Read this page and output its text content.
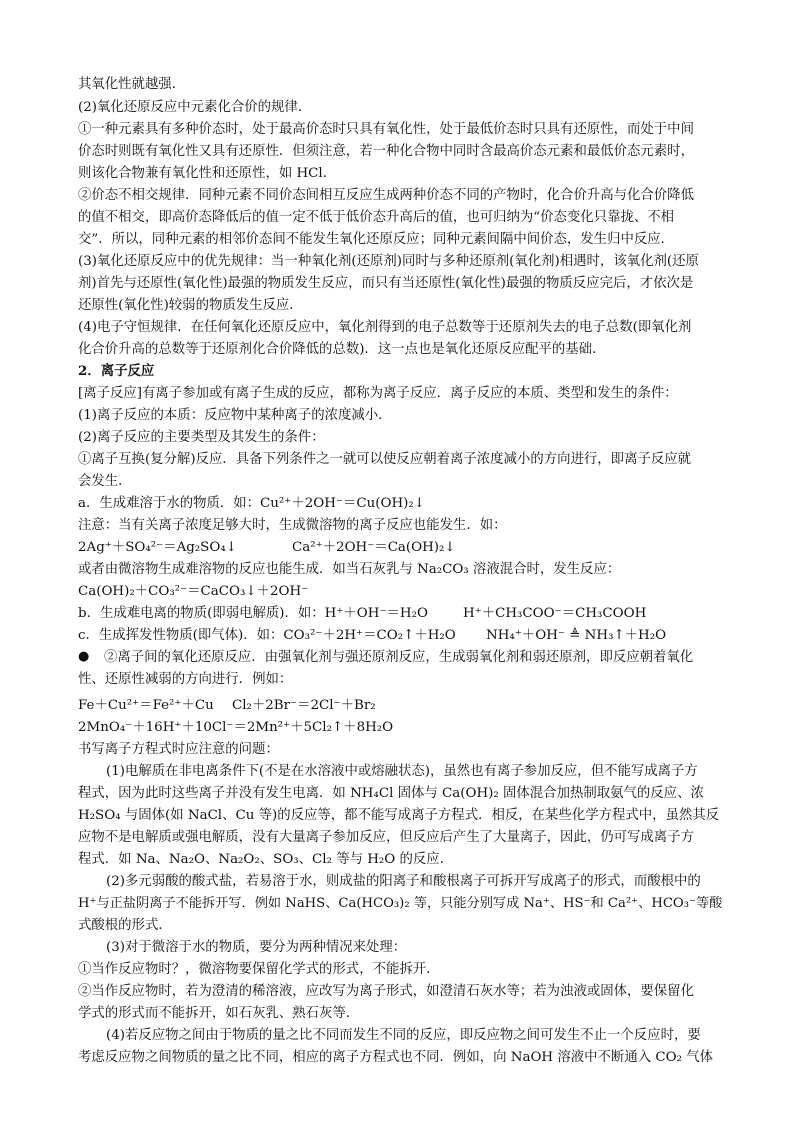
其氧化性就越强．
(2)氧化还原反应中元素化合价的规律．
①一种元素具有多种价态时，处于最高价态时只具有氧化性，处于最低价态时只具有还原性，而处于中间
价态时则既有氧化性又具有还原性．但须注意，若一种化合物中同时含最高价态元素和最低价态元素时，
则该化合物兼有氧化性和还原性，如 HCl．
②价态不相交规律．同种元素不同价态间相互反应生成两种价态不同的产物时，化合价升高与化合价降低
的值不相交，即高价态降低后的值一定不低于低价态升高后的值，也可归纳为“价态变化只靠拢、不相
交”．所以，同种元素的相邻价态间不能发生氧化还原反应；同种元素间隔中间价态，发生归中反应．
(3)氧化还原反应中的优先规律：当一种氧化剂(还原剂)同时与多种还原剂(氧化剂)相遇时，该氧化剂(还原
剂)首先与还原性(氧化性)最强的物质发生反应，而只有当还原性(氧化性)最强的物质反应完后，才依次是
还原性(氧化性)较弱的物质发生反应．
(4)电子守恒规律．在任何氧化还原反应中，氧化剂得到的电子总数等于还原剂失去的电子总数(即氧化剂
化合价升高的总数等于还原剂化合价降低的总数)．这一点也是氧化还原反应配平的基础．
2．离子反应
[离子反应]有离子参加或有离子生成的反应，都称为离子反应．离子反应的本质、类型和发生的条件：
(1)离子反应的本质：反应物中某种离子的浓度减小．
(2)离子反应的主要类型及其发生的条件：
①离子互换(复分解)反应．具备下列条件之一就可以使反应朝着离子浓度减小的方向进行，即离子反应就
会发生．
a．生成难溶于水的物质．如：Cu²⁺＋2OH⁻＝Cu(OH)₂↓
注意：当有关离子浓度足够大时，生成微溶物的离子反应也能发生．如：
2Ag⁺＋SO₄²⁻＝Ag₂SO₄↓	Ca²⁺＋2OH⁻＝Ca(OH)₂↓
或者由微溶物生成难溶物的反应也能生成．如当石灰乳与 Na₂CO₃ 溶液混合时，发生反应：
Ca(OH)₂＋CO₃²⁻＝CaCO₃↓＋2OH⁻
b．生成难电离的物质(即弱电解质)．如：H⁺＋OH⁻＝H₂O	H⁺＋CH₃COO⁻＝CH₃COOH
c．生成挥发性物质(即气体)．如：CO₃²⁻＋2H⁺＝CO₂↑＋H₂O	NH₄⁺＋OH⁻ ≜ NH₃↑＋H₂O
● ②离子间的氧化还原反应．由强氧化剂与强还原剂反应，生成弱氧化剂和弱还原剂，即反应朝着氧化
性、还原性减弱的方向进行．例如：
Fe＋Cu²⁺＝Fe²⁺＋Cu	Cl₂＋2Br⁻＝2Cl⁻＋Br₂
2MnO₄⁻＋16H⁺＋10Cl⁻＝2Mn²⁺＋5Cl₂↑＋8H₂O
书写离子方程式时应注意的问题：
(1)电解质在非电离条件下(不是在水溶液中或熔融状态)，虽然也有离子参加反应，但不能写成离子方
程式，因为此时这些离子并没有发生电离．如 NH₄Cl 固体与 Ca(OH)₂ 固体混合加热制取氨气的反应、浓
H₂SO₄ 与固体(如 NaCl、Cu 等)的反应等，都不能写成离子方程式．相反，在某些化学方程式中，虽然其反
应物不是电解质或强电解质，没有大量离子参加反应，但反应后产生了大量离子，因此，仍可写成离子方
程式．如 Na、Na₂O、Na₂O₂、SO₃、Cl₂ 等与 H₂O 的反应．
(2)多元弱酸的酸式盐，若易溶于水，则成盐的阳离子和酸根离子可拆开写成离子的形式，而酸根中的
H⁺与正盐阴离子不能拆开写．例如 NaHS、Ca(HCO₃)₂ 等，只能分别写成 Na⁺、HS⁻和 Ca²⁺、HCO₃⁻等酸
式酸根的形式．
(3)对于微溶于水的物质，要分为两种情况来处理：
①当作反应物时？，微溶物要保留化学式的形式，不能拆开．
②当作反应物时，若为澄清的稀溶液，应改写为离子形式，如澄清石灰水等；若为浊液或固体，要保留化
学式的形式而不能拆开，如石灰乳、熟石灰等．
(4)若反应物之间由于物质的量之比不同而发生不同的反应，即反应物之间可发生不止一个反应时，要
考虑反应物之间物质的量之比不同，相应的离子方程式也不同．例如，向 NaOH 溶液中不断通入 CO₂ 气体
